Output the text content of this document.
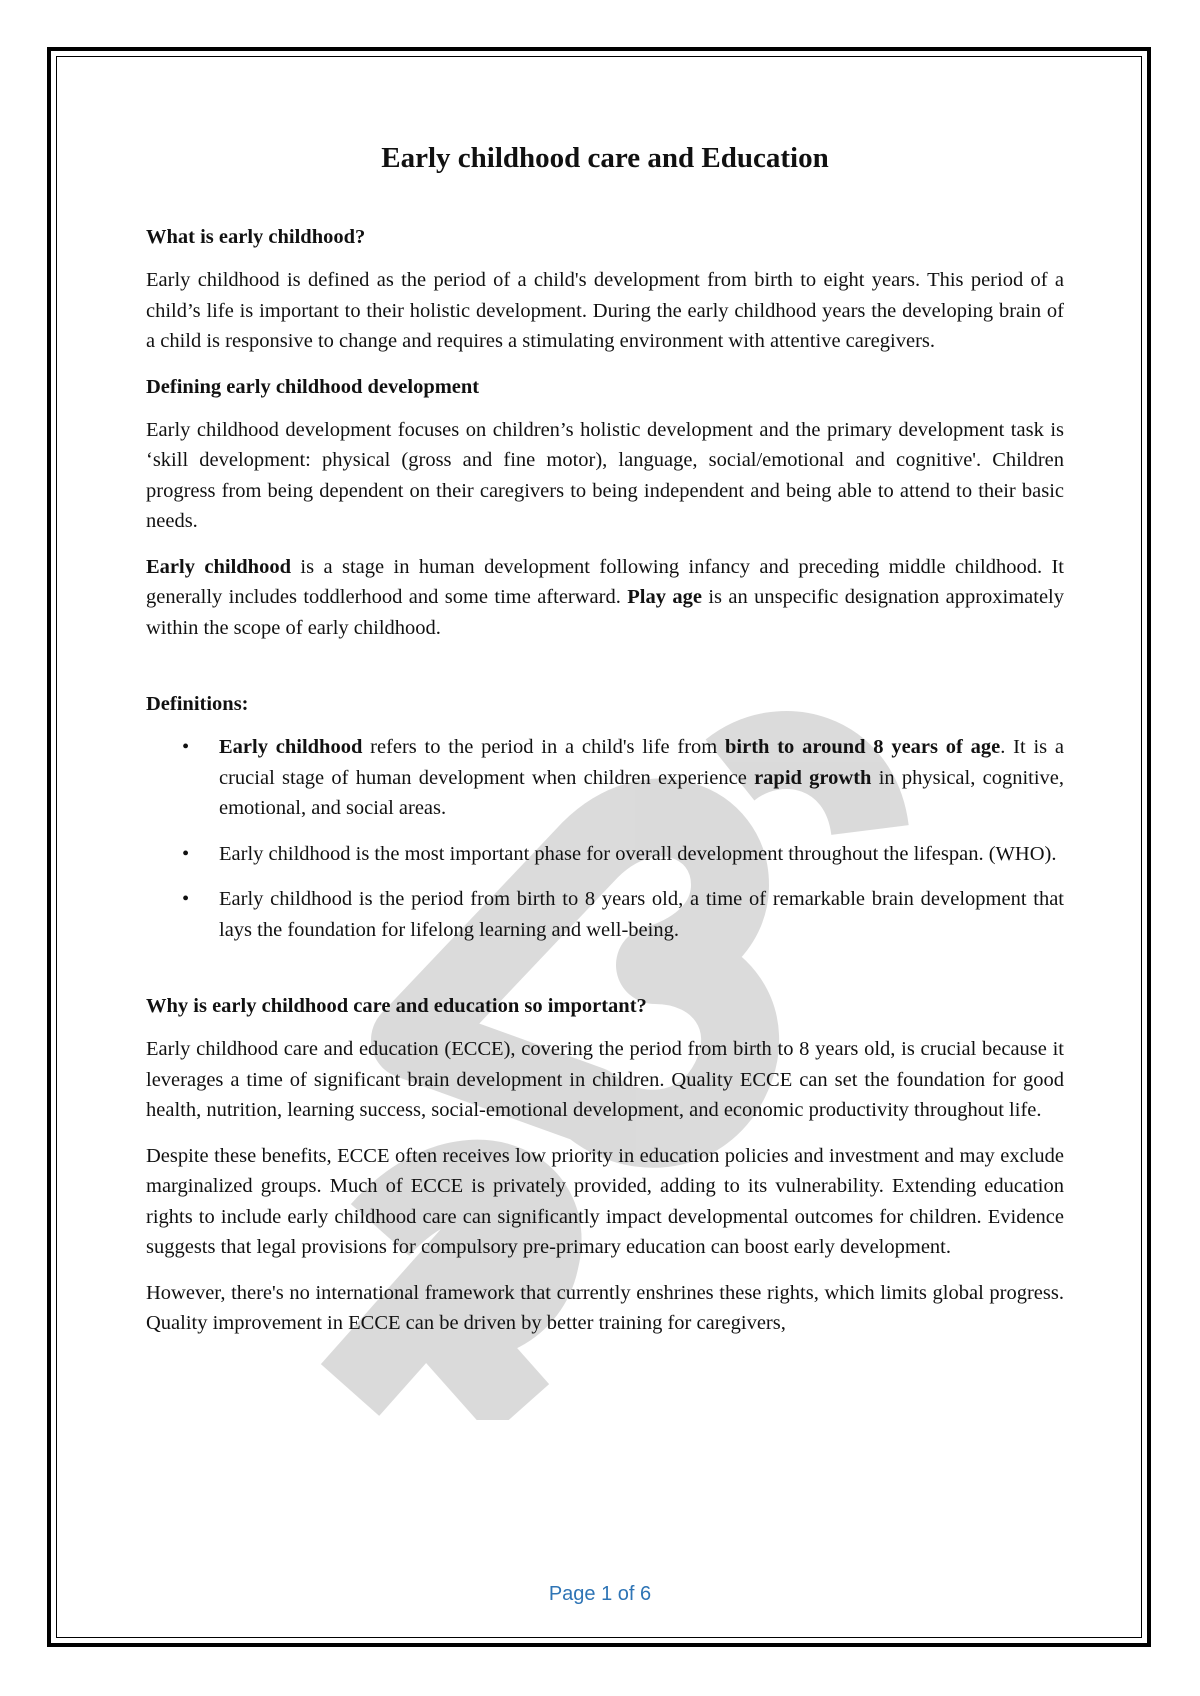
Early childhood care and Education
What is early childhood?

Early childhood is defined as the period of a child's development from birth to eight years. This period of a child’s life is important to their holistic development. During the early childhood years the developing brain of a child is responsive to change and requires a stimulating environment with attentive caregivers.

Defining early childhood development

Early childhood development focuses on children’s holistic development and the primary development task is ‘skill development: physical (gross and fine motor), language, social/emotional and cognitive'. Children progress from being dependent on their caregivers to being independent and being able to attend to their basic needs.

Early childhood is a stage in human development following infancy and preceding middle childhood. It generally includes toddlerhood and some time afterward. Play age is an unspecific designation approximately within the scope of early childhood.

Definitions:
• Early childhood refers to the period in a child's life from birth to around 8 years of age. It is a crucial stage of human development when children experience rapid growth in physical, cognitive, emotional, and social areas.
• Early childhood is the most important phase for overall development throughout the lifespan. (WHO).
• Early childhood is the period from birth to 8 years old, a time of remarkable brain development that lays the foundation for lifelong learning and well-being.
Why is early childhood care and education so important?

Early childhood care and education (ECCE), covering the period from birth to 8 years old, is crucial because it leverages a time of significant brain development in children. Quality ECCE can set the foundation for good health, nutrition, learning success, social-emotional development, and economic productivity throughout life.

Despite these benefits, ECCE often receives low priority in education policies and investment and may exclude marginalized groups. Much of ECCE is privately provided, adding to its vulnerability. Extending education rights to include early childhood care can significantly impact developmental outcomes for children. Evidence suggests that legal provisions for compulsory pre-primary education can boost early development.

However, there's no international framework that currently enshrines these rights, which limits global progress. Quality improvement in ECCE can be driven by better training for caregivers,

Page 1 of 6
